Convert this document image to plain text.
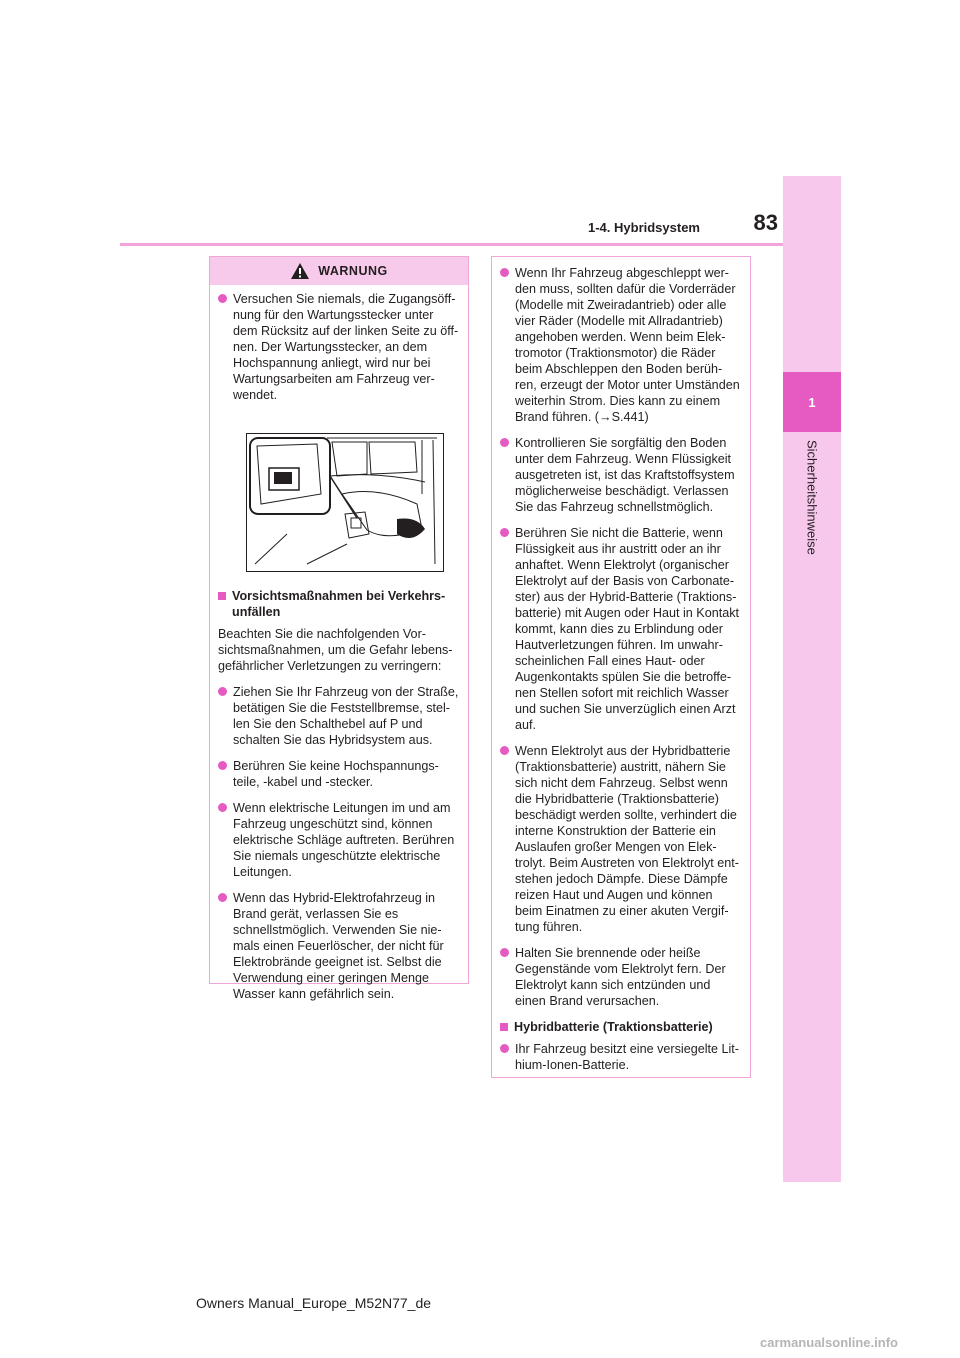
1
Sicherheitshinweise
1-4. Hybridsystem	83
WARNUNG
Versuchen Sie niemals, die Zugangsöff-
nung für den Wartungsstecker unter
dem Rücksitz auf der linken Seite zu öff-
nen. Der Wartungsstecker, an dem
Hochspannung anliegt, wird nur bei
Wartungsarbeiten am Fahrzeug ver-
wendet.
Vorsichtsmaßnahmen bei Verkehrs-
unfällen
Beachten Sie die nachfolgenden Vor-
sichtsmaßnahmen, um die Gefahr lebens-
gefährlicher Verletzungen zu verringern:
Ziehen Sie Ihr Fahrzeug von der Straße,
betätigen Sie die Feststellbremse, stel-
len Sie den Schalthebel auf P und
schalten Sie das Hybridsystem aus.
Berühren Sie keine Hochspannungs-
teile, -kabel und -stecker.
Wenn elektrische Leitungen im und am
Fahrzeug ungeschützt sind, können
elektrische Schläge auftreten. Berühren
Sie niemals ungeschützte elektrische
Leitungen.
Wenn das Hybrid-Elektrofahrzeug in
Brand gerät, verlassen Sie es
schnellstmöglich. Verwenden Sie nie-
mals einen Feuerlöscher, der nicht für
Elektrobrände geeignet ist. Selbst die
Verwendung einer geringen Menge
Wasser kann gefährlich sein.
Wenn Ihr Fahrzeug abgeschleppt wer-
den muss, sollten dafür die Vorderräder
(Modelle mit Zweiradantrieb) oder alle
vier Räder (Modelle mit Allradantrieb)
angehoben werden. Wenn beim Elek-
tromotor (Traktionsmotor) die Räder
beim Abschleppen den Boden berüh-
ren, erzeugt der Motor unter Umständen
weiterhin Strom. Dies kann zu einem
Brand führen. (→S.441)
Kontrollieren Sie sorgfältig den Boden
unter dem Fahrzeug. Wenn Flüssigkeit
ausgetreten ist, ist das Kraftstoffsystem
möglicherweise beschädigt. Verlassen
Sie das Fahrzeug schnellstmöglich.
Berühren Sie nicht die Batterie, wenn
Flüssigkeit aus ihr austritt oder an ihr
anhaftet. Wenn Elektrolyt (organischer
Elektrolyt auf der Basis von Carbonate-
ster) aus der Hybrid-Batterie (Traktions-
batterie) mit Augen oder Haut in Kontakt
kommt, kann dies zu Erblindung oder
Hautverletzungen führen. Im unwahr-
scheinlichen Fall eines Haut- oder
Augenkontakts spülen Sie die betroffe-
nen Stellen sofort mit reichlich Wasser
und suchen Sie unverzüglich einen Arzt
auf.
Wenn Elektrolyt aus der Hybridbatterie
(Traktionsbatterie) austritt, nähern Sie
sich nicht dem Fahrzeug. Selbst wenn
die Hybridbatterie (Traktionsbatterie)
beschädigt werden sollte, verhindert die
interne Konstruktion der Batterie ein
Auslaufen großer Mengen von Elek-
trolyt. Beim Austreten von Elektrolyt ent-
stehen jedoch Dämpfe. Diese Dämpfe
reizen Haut und Augen und können
beim Einatmen zu einer akuten Vergif-
tung führen.
Halten Sie brennende oder heiße
Gegenstände vom Elektrolyt fern. Der
Elektrolyt kann sich entzünden und
einen Brand verursachen.
Hybridbatterie (Traktionsbatterie)
Ihr Fahrzeug besitzt eine versiegelte Lit-
hium-Ionen-Batterie.
Owners Manual_Europe_M52N77_de
carmanualsonline.info
